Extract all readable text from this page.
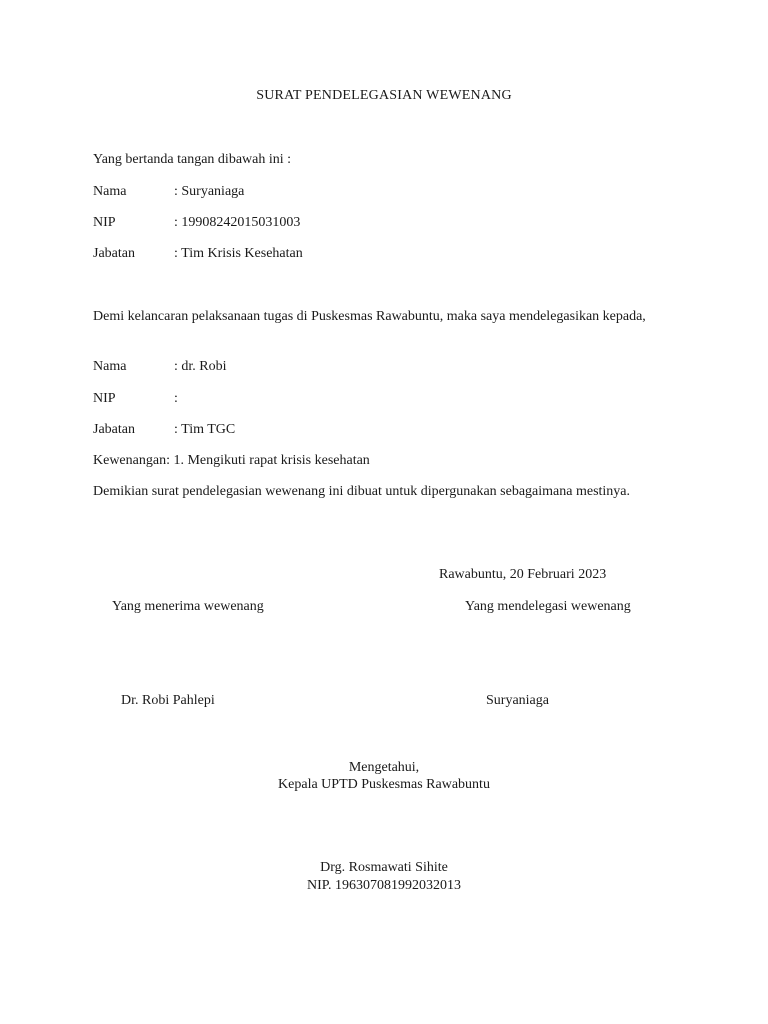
SURAT PENDELEGASIAN WEWENANG
Yang bertanda tangan dibawah ini :
Nama	: Suryaniaga
NIP	: 19908242015031003
Jabatan	: Tim Krisis Kesehatan
Demi kelancaran pelaksanaan tugas di Puskesmas Rawabuntu, maka saya mendelegasikan kepada,
Nama	: dr. Robi
NIP	:
Jabatan	: Tim TGC
Kewenangan: 1. Mengikuti rapat krisis kesehatan
Demikian surat pendelegasian wewenang ini dibuat untuk dipergunakan sebagaimana mestinya.
Rawabuntu, 20 Februari 2023
Yang menerima wewenang	Yang mendelegasi wewenang
Dr. Robi Pahlepi	Suryaniaga
Mengetahui,
Kepala UPTD Puskesmas Rawabuntu
Drg. Rosmawati Sihite
NIP. 196307081992032013
